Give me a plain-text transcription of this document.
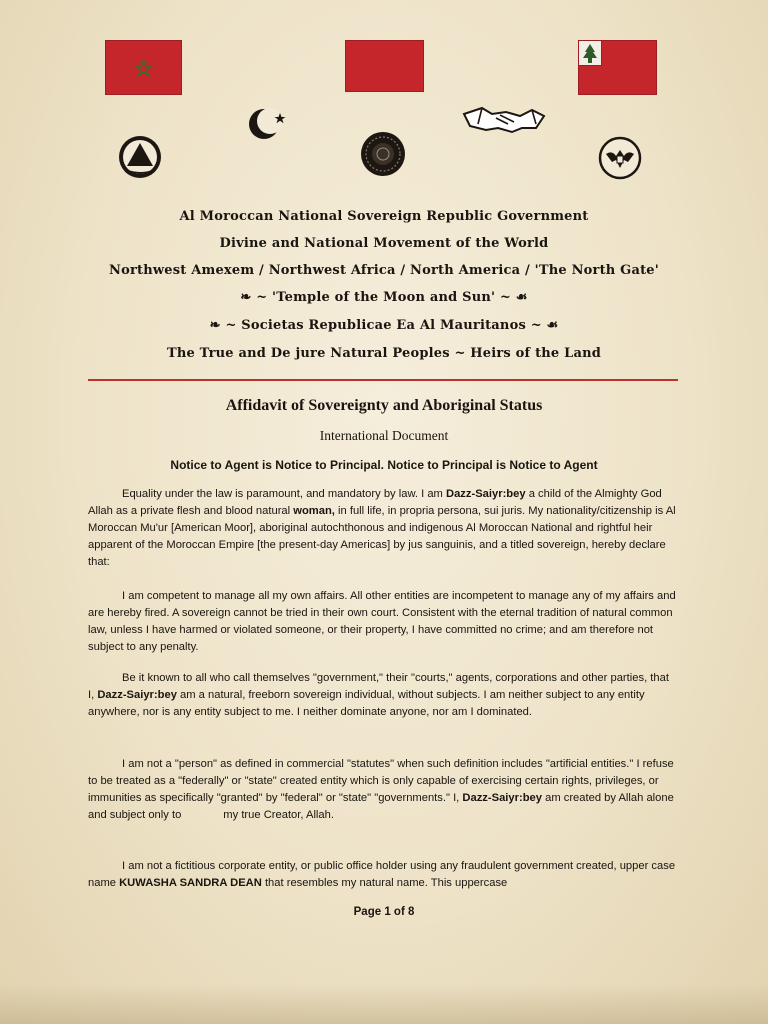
Al Moroccan National Sovereign Republic Government
Divine and National Movement of the World
Northwest Amexem / Northwest Africa / North America / 'The North Gate'
❧ ~ 'Temple of the Moon and Sun' ~ ☙
❧ ~ Societas Republicae Ea Al Mauritanos ~ ☙
The True and De jure Natural Peoples ~ Heirs of the Land
Affidavit of Sovereignty and Aboriginal Status
International Document
Notice to Agent is Notice to Principal. Notice to Principal is Notice to Agent

Equality under the law is paramount, and mandatory by law. I am Dazz-Saiyr:bey a child of the Almighty God Allah as a private flesh and blood natural woman, in full life, in propria persona, sui juris. My nationality/citizenship is Al Moroccan Mu'ur [American Moor], aboriginal autochthonous and indigenous Al Moroccan National and rightful heir apparent of the Moroccan Empire [the present-day Americas] by jus sanguinis, and a titled sovereign, hereby declare that:

I am competent to manage all my own affairs. All other entities are incompetent to manage any of my affairs and are hereby fired. A sovereign cannot be tried in their own court. Consistent with the eternal tradition of natural common law, unless I have harmed or violated someone, or their property, I have committed no crime; and am therefore not subject to any penalty.

Be it known to all who call themselves "government," their "courts," agents, corporations and other parties, that I, Dazz-Saiyr:bey am a natural, freeborn sovereign individual, without subjects. I am neither subject to any entity anywhere, nor is any entity subject to me. I neither dominate anyone, nor am I dominated.

I am not a "person" as defined in commercial "statutes" when such definition includes "artificial entities." I refuse to be treated as a "federally" or "state" created entity which is only capable of exercising certain rights, privileges, or immunities as specifically "granted" by "federal" or "state" "governments." I, Dazz-Saiyr:bey am created by Allah alone and subject only to	my true Creator, Allah.

I am not a fictitious corporate entity, or public office holder using any fraudulent government created, upper case name KUWASHA SANDRA DEAN that resembles my natural name. This uppercase

Page 1 of 8
